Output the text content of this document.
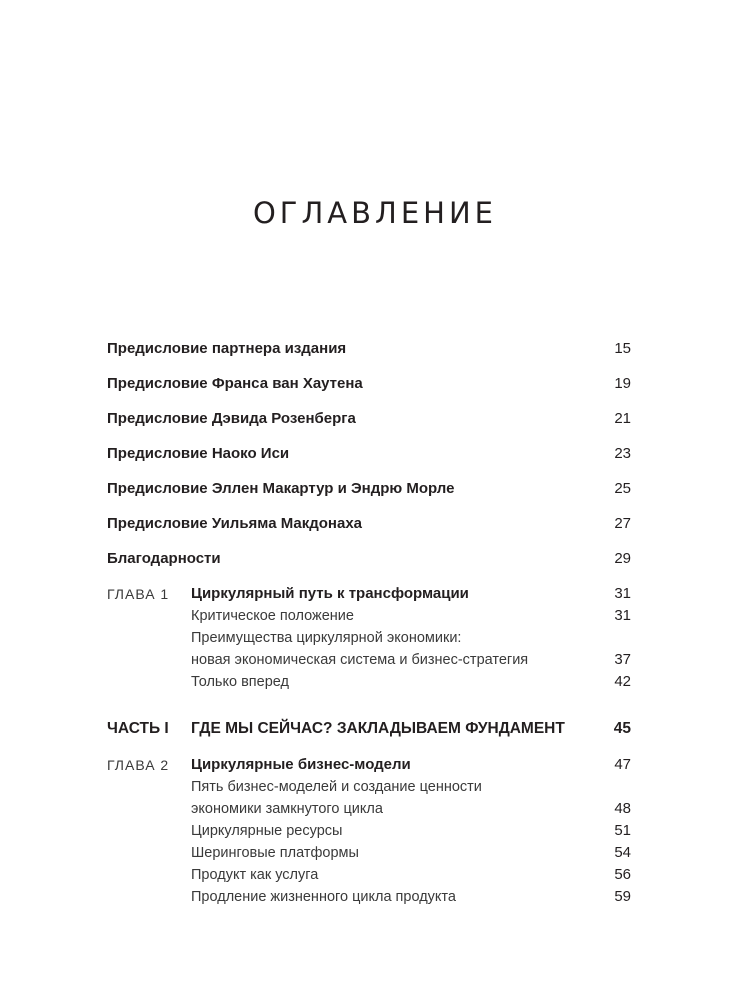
ОГЛАВЛЕНИЕ
Предисловие партнера издания	15
Предисловие Франса ван Хаутена	19
Предисловие Дэвида Розенберга	21
Предисловие Наоко Иси	23
Предисловие Эллен Макартур и Эндрю Морле	25
Предисловие Уильяма Макдонаха	27
Благодарности	29
ГЛАВА 1 Циркулярный путь к трансформации	31
Критическое положение	31
Преимущества циркулярной экономики:
новая экономическая система и бизнес-стратегия	37
Только вперед	42
ЧАСТЬ I ГДЕ МЫ СЕЙЧАС? ЗАКЛАДЫВАЕМ ФУНДАМЕНТ	45
ГЛАВА 2 Циркулярные бизнес-модели	47
Пять бизнес-моделей и создание ценности
экономики замкнутого цикла	48
Циркулярные ресурсы	51
Шеринговые платформы	54
Продукт как услуга	56
Продление жизненного цикла продукта	59
